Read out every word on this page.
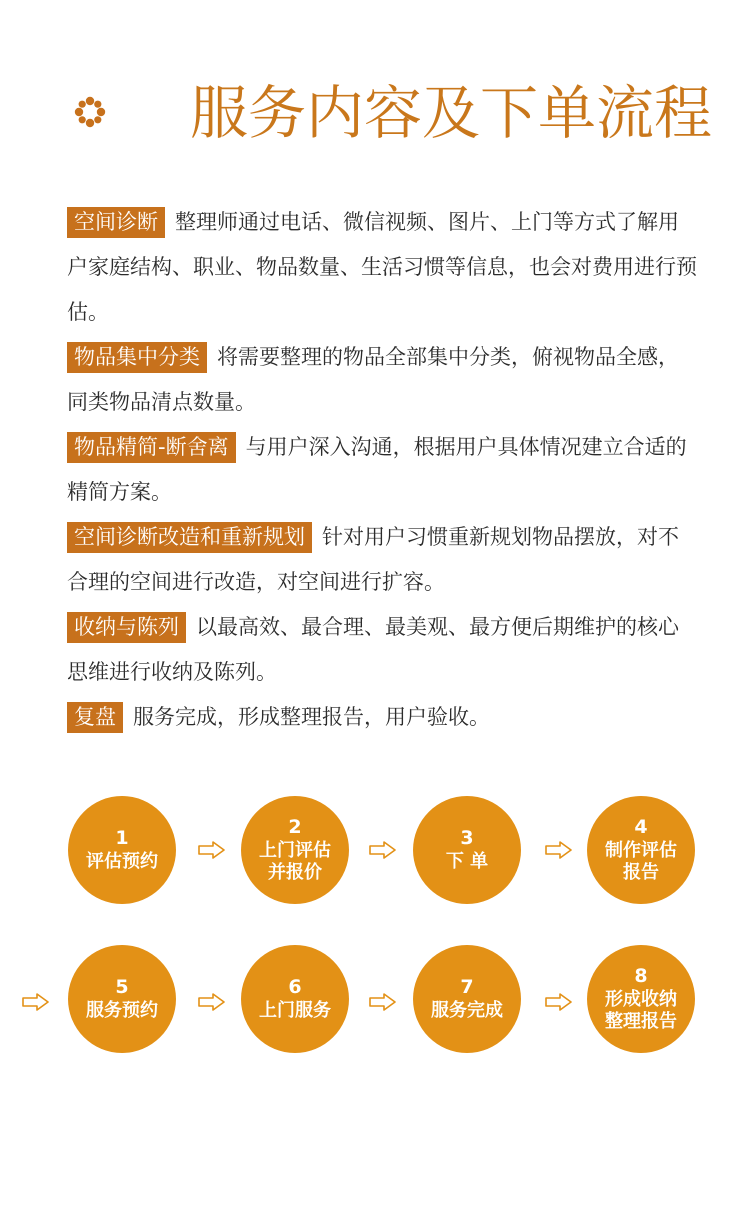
服务内容及下单流程
空间诊断 整理师通过电话、微信视频、图片、上门等方式了解用户家庭结构、职业、物品数量、生活习惯等信息，也会对费用进行预估。
物品集中分类 将需要整理的物品全部集中分类，俯视物品全感，同类物品清点数量。
物品精简-断舍离 与用户深入沟通，根据用户具体情况建立合适的精简方案。
空间诊断改造和重新规划 针对用户习惯重新规划物品摆放，对不合理的空间进行改造，对空间进行扩容。
收纳与陈列 以最高效、最合理、最美观、最方便后期维护的核心思维进行收纳及陈列。
复盘 服务完成，形成整理报告，用户验收。
1
评估预约
2
上门评估
并报价
3
下 单
4
制作评估
报告
5
服务预约
6
上门服务
7
服务完成
8
形成收纳
整理报告
